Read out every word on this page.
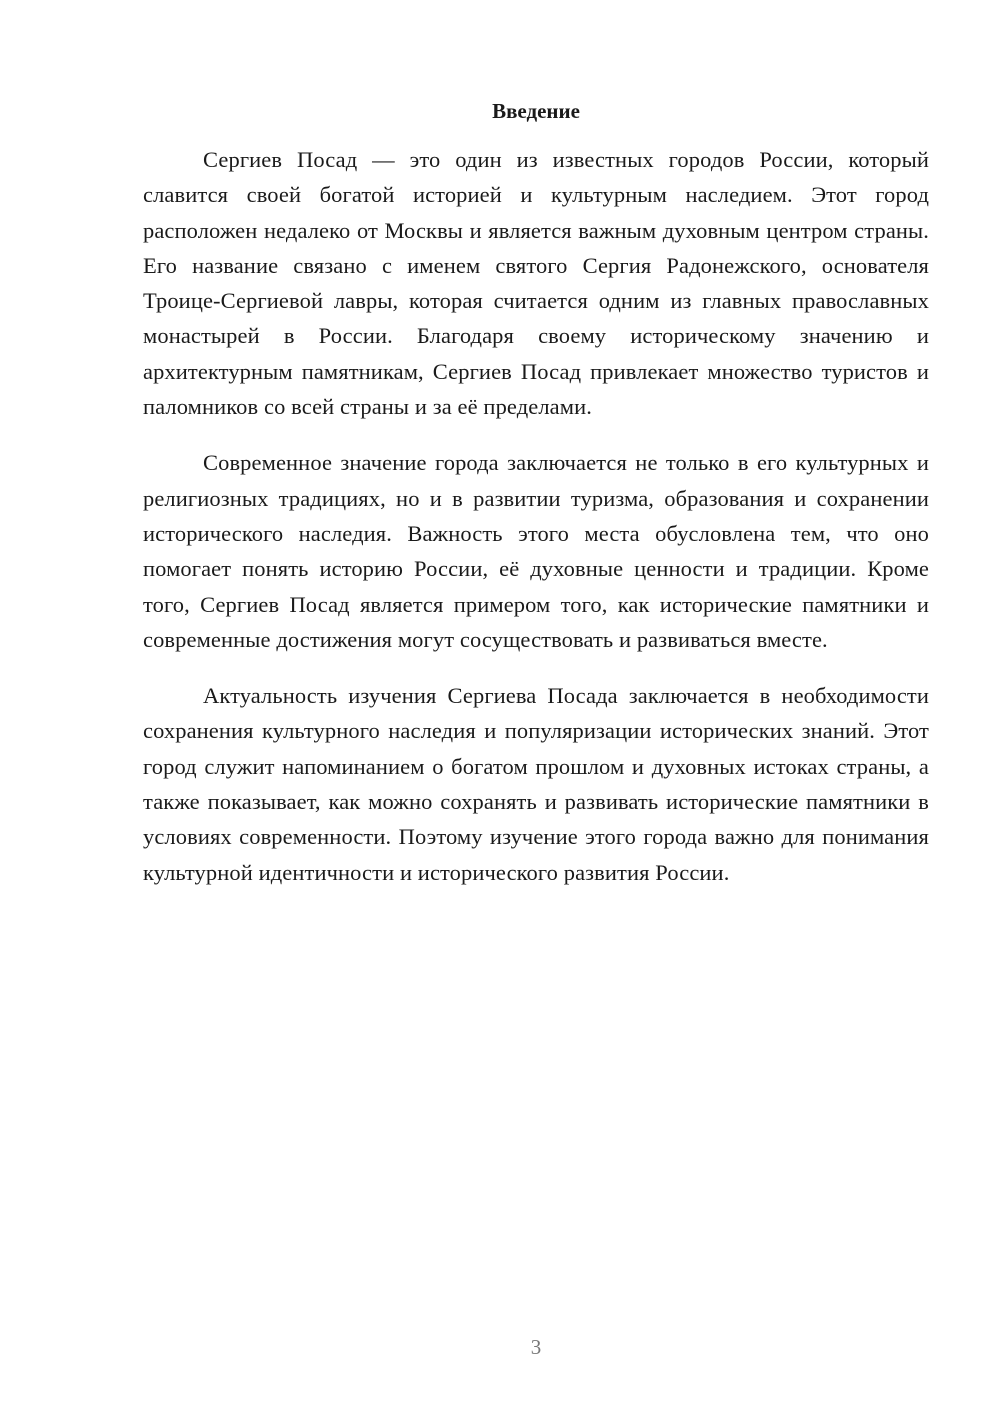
Введение

Сергиев Посад — это один из известных городов России, который славится своей богатой историей и культурным наследием. Этот город расположен недалеко от Москвы и является важным духовным центром страны. Его название связано с именем святого Сергия Радонежского, основателя Троице-Сергиевой лавры, которая считается одним из главных православных монастырей в России. Благодаря своему историческому значению и архитектурным памятникам, Сергиев Посад привлекает множество туристов и паломников со всей страны и за её пределами.

Современное значение города заключается не только в его культурных и религиозных традициях, но и в развитии туризма, образования и сохранении исторического наследия. Важность этого места обусловлена тем, что оно помогает понять историю России, её духовные ценности и традиции. Кроме того, Сергиев Посад является примером того, как исторические памятники и современные достижения могут сосуществовать и развиваться вместе.

Актуальность изучения Сергиева Посада заключается в необходимости сохранения культурного наследия и популяризации исторических знаний. Этот город служит напоминанием о богатом прошлом и духовных истоках страны, а также показывает, как можно сохранять и развивать исторические памятники в условиях современности. Поэтому изучение этого города важно для понимания культурной идентичности и исторического развития России.

3
